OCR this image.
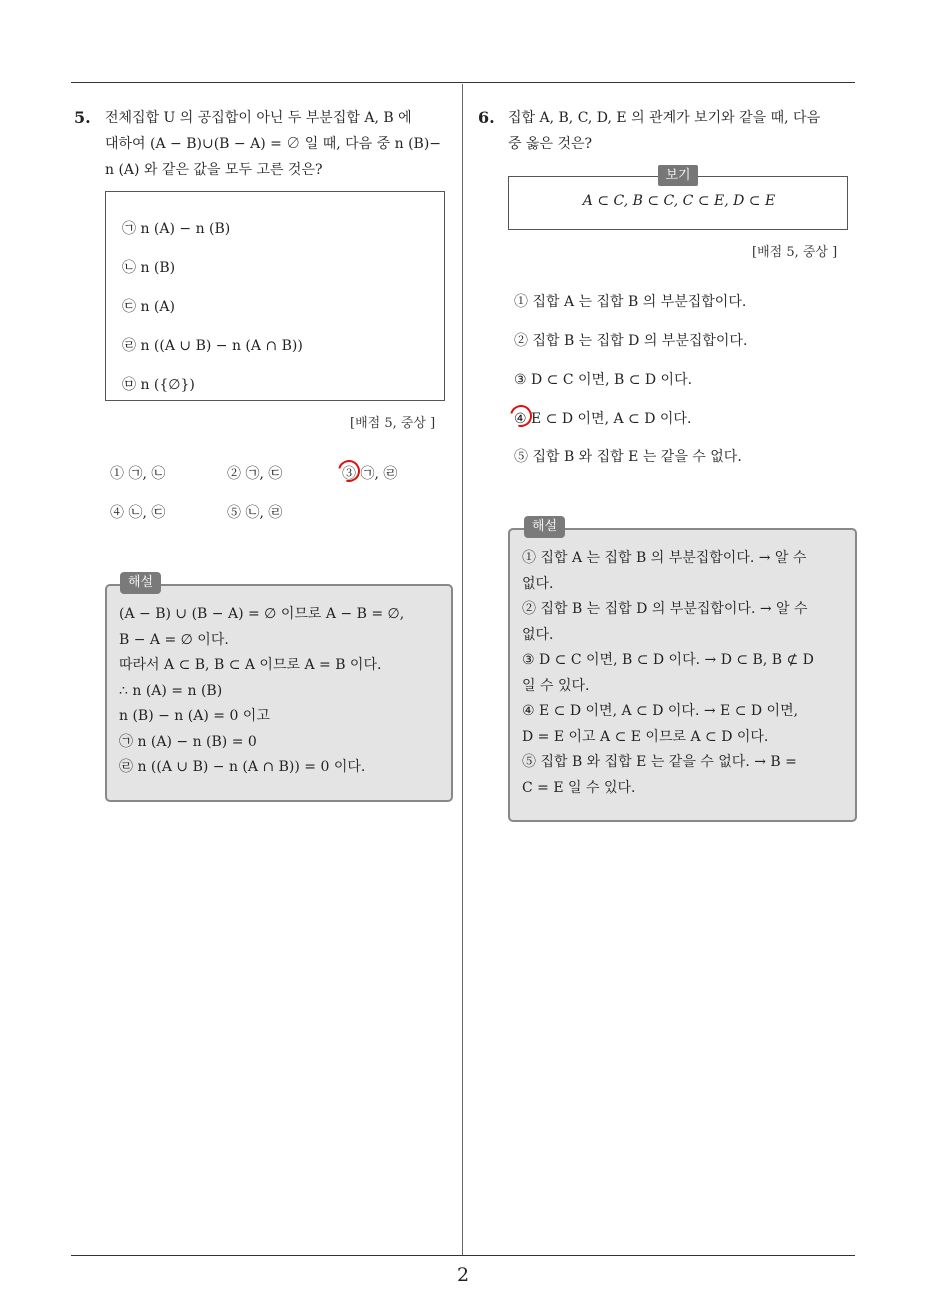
5. 전체집합 U 의 공집합이 아닌 두 부분집합 A, B 에

대하여 (A − B)∪(B − A) = ∅ 일 때, 다음 중 n (B)−

n (A) 와 같은 값을 모두 고른 것은?

㉠ n (A) − n (B)
㉡ n (B)
㉢ n (A)
㉣ n ((A ∪ B) − n (A ∩ B))
㉤ n ({∅})
[배점 5, 중상 ]
① ㉠, ㉡	② ㉠, ㉢	③ ㉠, ㉣
④ ㉡, ㉢	⑤ ㉡, ㉣

(A − B) ∪ (B − A) = ∅ 이므로 A − B = ∅,

B − A = ∅ 이다.

따라서 A ⊂ B, B ⊂ A 이므로 A = B 이다.

∴ n (A) = n (B)

n (B) − n (A) = 0 이고

㉠ n (A) − n (B) = 0

㉣ n ((A ∪ B) − n (A ∩ B)) = 0 이다.

해설
6. 집합 A, B, C, D, E 의 관계가 보기와 같을 때, 다음

중 옳은 것은?

A ⊂ C, B ⊂ C, C ⊂ E, D ⊂ E
보기
[배점 5, 중상 ]
① 집합 A 는 집합 B 의 부분집합이다.
② 집합 B 는 집합 D 의 부분집합이다.
③ D ⊂ C 이면, B ⊂ D 이다.
④ E ⊂ D 이면, A ⊂ D 이다.
⑤ 집합 B 와 집합 E 는 같을 수 없다.

① 집합 A 는 집합 B 의 부분집합이다. → 알 수

없다.

② 집합 B 는 집합 D 의 부분집합이다. → 알 수

없다.

③ D ⊂ C 이면, B ⊂ D 이다. → D ⊂ B, B ⊄ D

일 수 있다.

④ E ⊂ D 이면, A ⊂ D 이다. → E ⊂ D 이면,

D = E 이고 A ⊂ E 이므로 A ⊂ D 이다.

⑤ 집합 B 와 집합 E 는 같을 수 없다. → B =

C = E 일 수 있다.

해설
2
